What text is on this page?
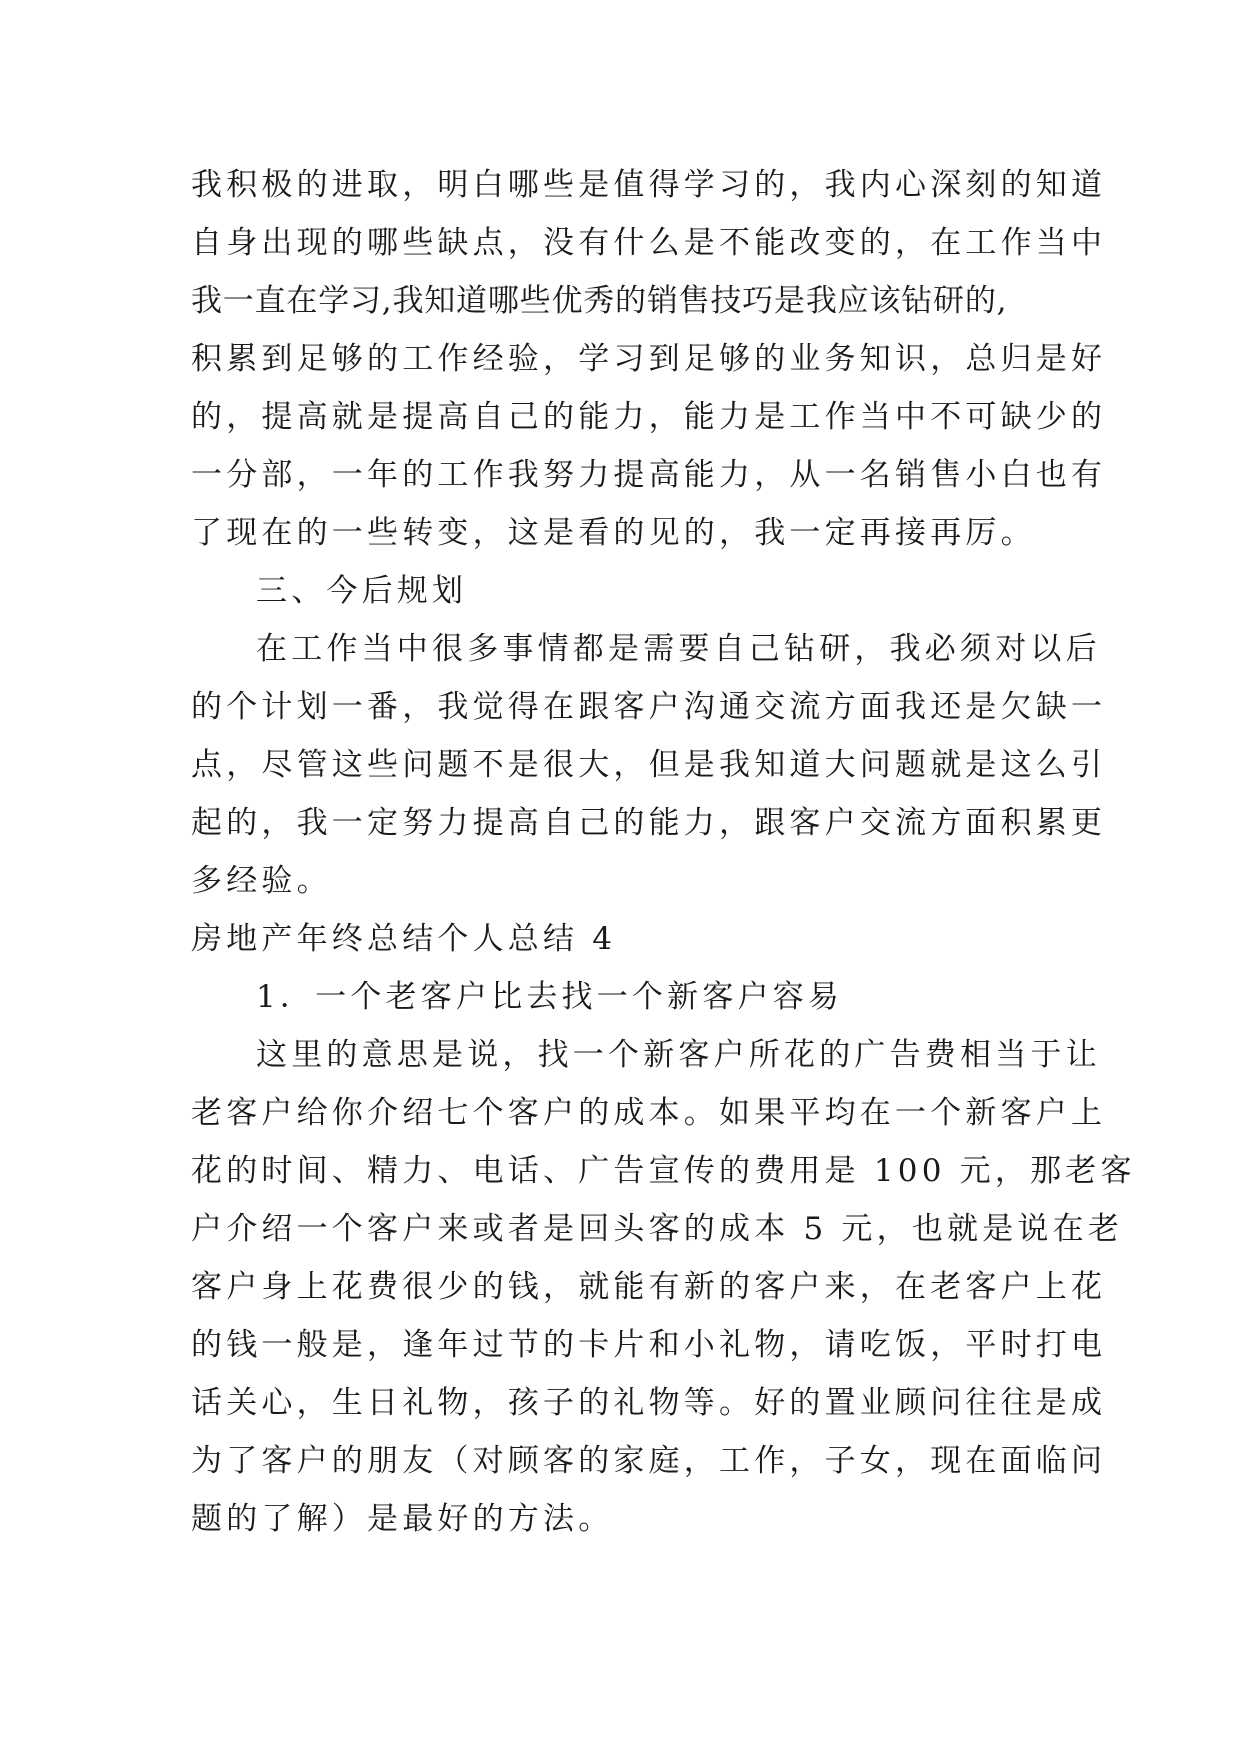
我积极的进取，明白哪些是值得学习的，我内心深刻的知道
自身出现的哪些缺点，没有什么是不能改变的，在工作当中
我一直在学习,我知道哪些优秀的销售技巧是我应该钻研的,
积累到足够的工作经验，学习到足够的业务知识，总归是好
的，提高就是提高自己的能力，能力是工作当中不可缺少的
一分部，一年的工作我努力提高能力，从一名销售小白也有
了现在的一些转变，这是看的见的，我一定再接再厉。
三、今后规划
在工作当中很多事情都是需要自己钻研，我必须对以后
的个计划一番，我觉得在跟客户沟通交流方面我还是欠缺一
点，尽管这些问题不是很大，但是我知道大问题就是这么引
起的，我一定努力提高自己的能力，跟客户交流方面积累更
多经验。
房地产年终总结个人总结 4
1．一个老客户比去找一个新客户容易
这里的意思是说，找一个新客户所花的广告费相当于让
老客户给你介绍七个客户的成本。如果平均在一个新客户上
花的时间、精力、电话、广告宣传的费用是 100 元，那老客
户介绍一个客户来或者是回头客的成本 5 元，也就是说在老
客户身上花费很少的钱，就能有新的客户来，在老客户上花
的钱一般是，逢年过节的卡片和小礼物，请吃饭，平时打电
话关心，生日礼物，孩子的礼物等。好的置业顾问往往是成
为了客户的朋友（对顾客的家庭，工作，子女，现在面临问
题的了解）是最好的方法。
